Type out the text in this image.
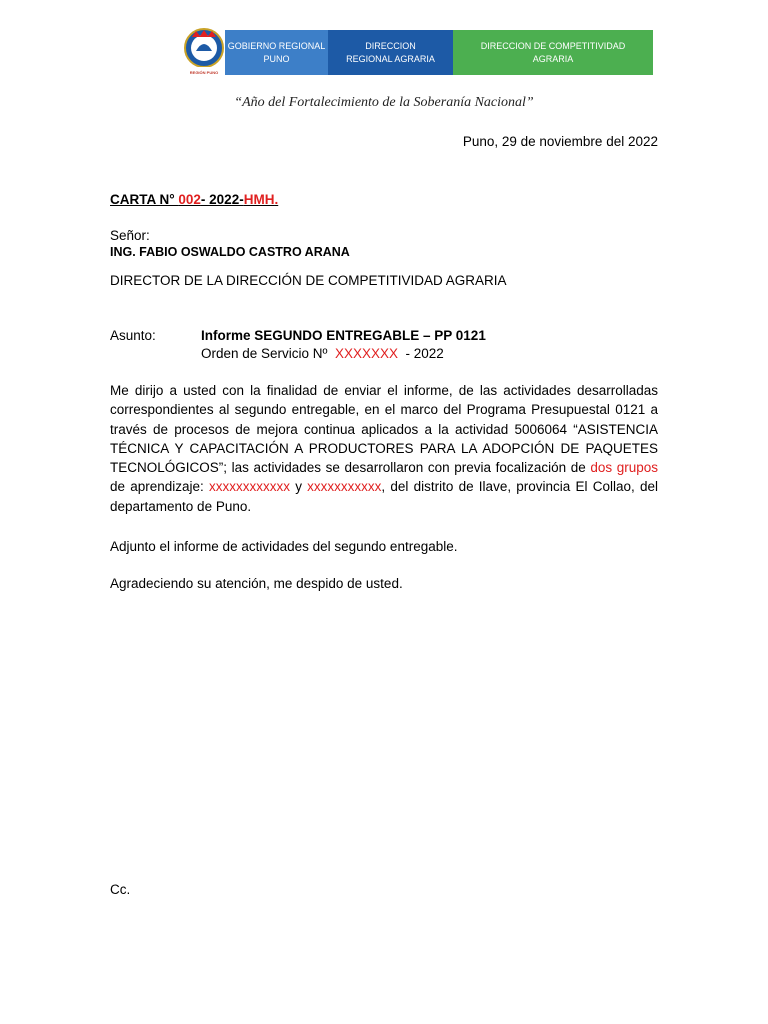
REGIÓN PUNO
GOBIERNO REGIONAL
PUNO
DIRECCION
REGIONAL AGRARIA
DIRECCION DE COMPETITIVIDAD
AGRARIA
“Año del Fortalecimiento de la Soberanía Nacional”
Puno, 29 de noviembre del 2022
CARTA N° 002- 2022-HMH.
Señor:
ING. FABIO OSWALDO CASTRO ARANA
DIRECTOR DE LA DIRECCIÓN DE COMPETITIVIDAD AGRARIA
Asunto:	Informe SEGUNDO ENTREGABLE – PP 0121
Orden de Servicio Nº  XXXXXXX  - 2022
Me dirijo a usted con la finalidad de enviar el informe, de las actividades desarrolladas correspondientes al segundo entregable, en el marco del Programa Presupuestal 0121 a través de procesos de mejora continua aplicados a la actividad 5006064 “ASISTENCIA TÉCNICA Y CAPACITACIÓN A PRODUCTORES PARA LA ADOPCIÓN DE PAQUETES TECNOLÓGICOS”; las actividades se desarrollaron con previa focalización de dos grupos de aprendizaje: xxxxxxxxxxxx y xxxxxxxxxxx, del distrito de Ilave, provincia El Collao, del departamento de Puno.
Adjunto el informe de actividades del segundo entregable.
Agradeciendo su atención, me despido de usted.
Cc.
